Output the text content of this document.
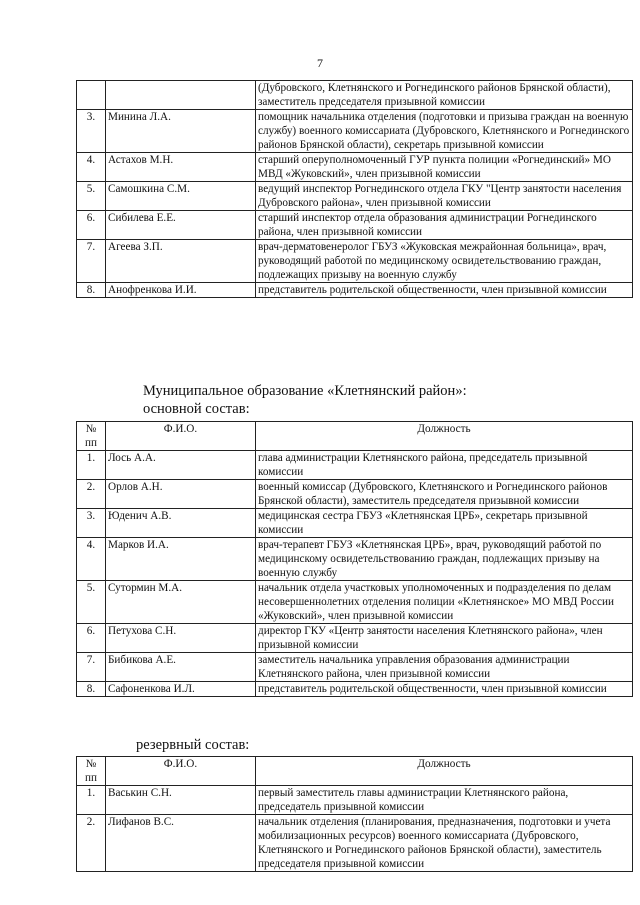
7
		(Дубровского, Клетнянского и Рогнединского районов Брянской области), заместитель председателя призывной комиссии
3.	Минина Л.А.	помощник начальника отделения (подготовки и призыва граждан на военную службу) военного комиссариата (Дубровского, Клетнянского и Рогнединского районов Брянской области), секретарь призывной комиссии
4.	Астахов М.Н.	старший оперуполномоченный ГУР пункта полиции «Рогнединский» МО МВД «Жуковский», член призывной комиссии
5.	Самошкина С.М.	ведущий инспектор Рогнединского отдела ГКУ "Центр занятости населения Дубровского района», член призывной комиссии
6.	Сибилева Е.Е.	старший инспектор отдела образования администрации Рогнединского района, член призывной комиссии
7.	Агеева З.П.	врач-дерматовенеролог ГБУЗ «Жуковская межрайонная больница», врач, руководящий работой по медицинскому освидетельствованию граждан, подлежащих призыву на военную службу
8.	Анофренкова И.И.	представитель родительской общественности, член призывной комиссии
Муниципальное образование «Клетнянский район»:
основной состав:
№ пп	Ф.И.О.	Должность
1.	Лось А.А.	глава администрации Клетнянского района, председатель призывной комиссии
2.	Орлов А.Н.	военный комиссар (Дубровского, Клетнянского и Рогнединского районов Брянской области), заместитель председателя призывной комиссии
3.	Юденич А.В.	медицинская сестра ГБУЗ «Клетнянская ЦРБ», секретарь призывной комиссии
4.	Марков И.А.	врач-терапевт ГБУЗ «Клетнянская ЦРБ», врач, руководящий работой по медицинскому освидетельствованию граждан, подлежащих призыву на военную службу
5.	Сутормин М.А.	начальник отдела участковых уполномоченных и подразделения по делам несовершеннолетних отделения полиции «Клетнянское» МО МВД России «Жуковский», член призывной комиссии
6.	Петухова С.Н.	директор ГКУ «Центр занятости населения Клетнянского района», член призывной комиссии
7.	Бибикова А.Е.	заместитель начальника управления образования администрации Клетнянского района, член призывной комиссии
8.	Сафоненкова И.Л.	представитель родительской общественности, член призывной комиссии
резервный состав:
№ пп	Ф.И.О.	Должность
1.	Васькин С.Н.	первый заместитель главы администрации Клетнянского района, председатель призывной комиссии
2.	Лифанов В.С.	начальник отделения (планирования, предназначения, подготовки и учета мобилизационных ресурсов) военного комиссариата (Дубровского, Клетнянского и Рогнединского районов Брянской области), заместитель председателя призывной комиссии
